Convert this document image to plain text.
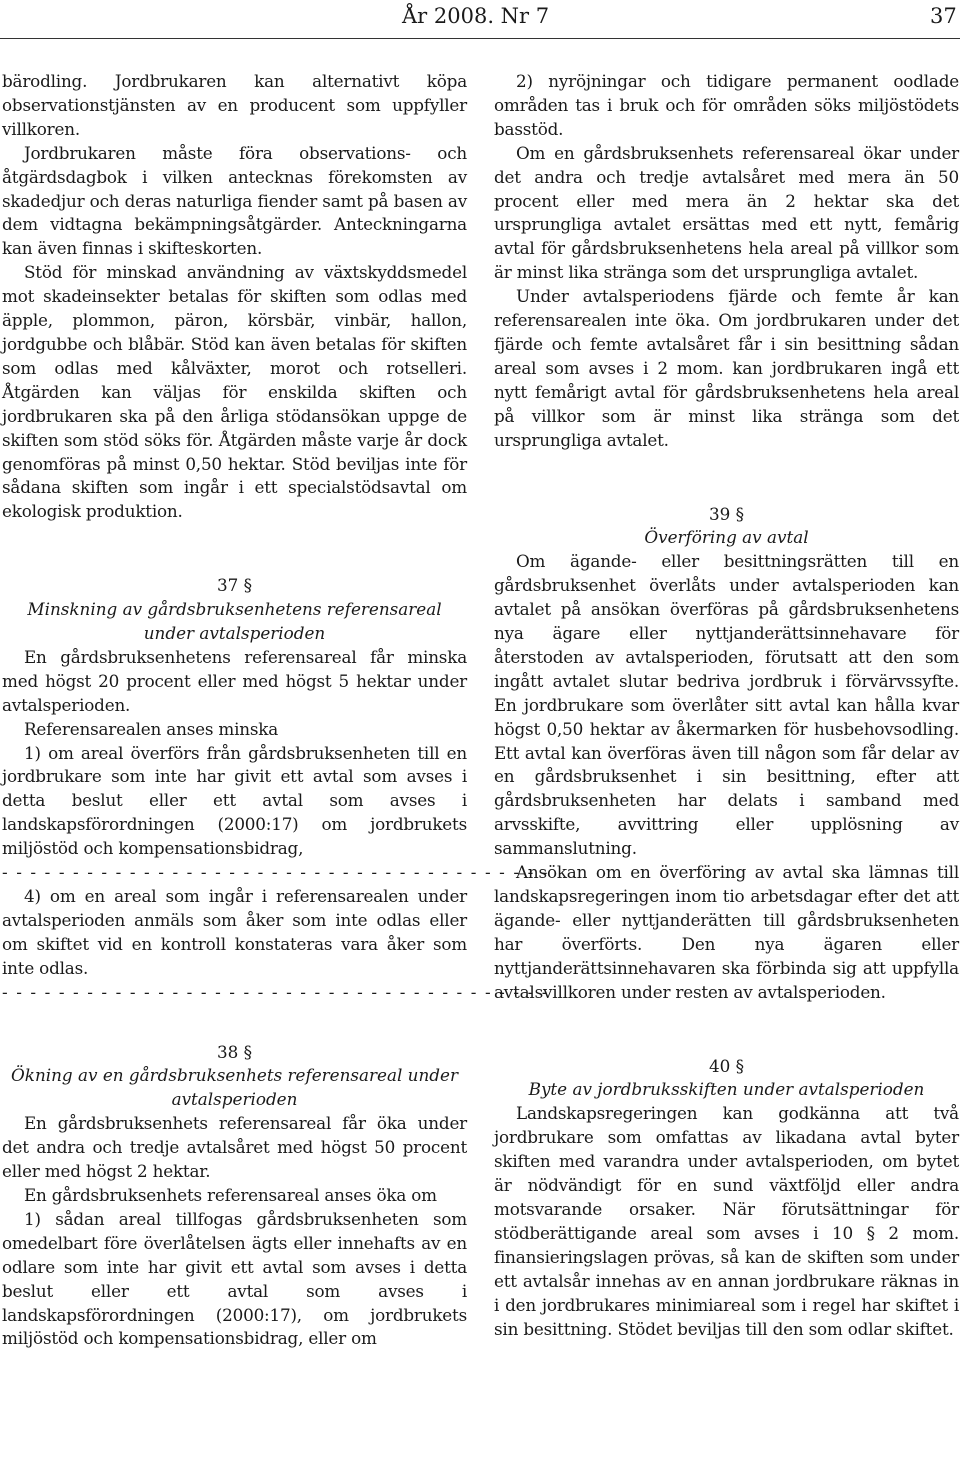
År 2008. Nr 7	37

bärodling. Jordbrukaren kan alternativt köpa observationstjänsten av en producent som uppfyller villkoren.

Jordbrukaren måste föra observations- och åtgärdsdagbok i vilken antecknas förekomsten av skadedjur och deras naturliga fiender samt på basen av dem vidtagna bekämpningsåtgärder. Anteckningarna kan även finnas i skifteskorten.

Stöd för minskad användning av växtskyddsmedel mot skadeinsekter betalas för skiften som odlas med äpple, plommon, päron, körsbär, vinbär, hallon, jordgubbe och blåbär. Stöd kan även betalas för skiften som odlas med kålväxter, morot och rotselleri. Åtgärden kan väljas för enskilda skiften och jordbrukaren ska på den årliga stödansökan uppge de skiften som stöd söks för. Åtgärden måste varje år dock genomföras på minst 0,50 hektar. Stöd beviljas inte för sådana skiften som ingår i ett specialstödsavtal om ekologisk produktion.

37 §

Minskning av gårdsbruksenhetens referensareal under avtalsperioden

En gårdsbruksenhetens referensareal får minska med högst 20 procent eller med högst 5 hektar under avtalsperioden.

Referensarealen anses minska

1) om areal överförs från gårdsbruksenheten till en jordbrukare som inte har givit ett avtal som avses i detta beslut eller ett avtal som avses i landskapsförordningen (2000:17) om jordbrukets miljöstöd och kompensationsbidrag,

- - - - - - - - - - - - - - - - - - - - - - - - - - - - - - - - - - - - - - -

4) om en areal som ingår i referensarealen under avtalsperioden anmäls som åker som inte odlas eller om skiftet vid en kontroll konstateras vara åker som inte odlas.

- - - - - - - - - - - - - - - - - - - - - - - - - - - - - - - - - - - - - - -

38 §

Ökning av en gårdsbruksenhets referensareal under avtalsperioden

En gårdsbruksenhets referensareal får öka under det andra och tredje avtalsåret med högst 50 procent eller med högst 2 hektar.

En gårdsbruksenhets referensareal anses öka om

1) sådan areal tillfogas gårdsbruksenheten som omedelbart före överlåtelsen ägts eller innehafts av en odlare som inte har givit ett avtal som avses i detta beslut eller ett avtal som avses i landskapsförordningen (2000:17), om jordbrukets miljöstöd och kompensationsbidrag, eller om

2) nyröjningar och tidigare permanent oodlade områden tas i bruk och för områden söks miljöstödets basstöd.

Om en gårdsbruksenhets referensareal ökar under det andra och tredje avtalsåret med mera än 50 procent eller med mera än 2 hektar ska det ursprungliga avtalet ersättas med ett nytt, femårig avtal för gårdsbruksenhetens hela areal på villkor som är minst lika stränga som det ursprungliga avtalet.

Under avtalsperiodens fjärde och femte år kan referensarealen inte öka. Om jordbrukaren under det fjärde och femte avtalsåret får i sin besittning sådan areal som avses i 2 mom. kan jordbrukaren ingå ett nytt femårigt avtal för gårdsbruksenhetens hela areal på villkor som är minst lika stränga som det ursprungliga avtalet.

39 §

Överföring av avtal

Om ägande- eller besittningsrätten till en gårdsbruksenhet överlåts under avtalsperioden kan avtalet på ansökan överföras på gårdsbruksenhetens nya ägare eller nyttjanderättsinnehavare för återstoden av avtalsperioden, förutsatt att den som ingått avtalet slutar bedriva jordbruk i förvärvssyfte. En jordbrukare som överlåter sitt avtal kan hålla kvar högst 0,50 hektar av åkermarken för husbehovsodling. Ett avtal kan överföras även till någon som får delar av en gårdsbruksenhet i sin besittning, efter att gårdsbruksenheten har delats i samband med arvsskifte, avvittring eller upplösning av sammanslutning.

Ansökan om en överföring av avtal ska lämnas till landskapsregeringen inom tio arbetsdagar efter det att ägande- eller nyttjanderätten till gårdsbruksenheten har överförts. Den nya ägaren eller nyttjanderättsinnehavaren ska förbinda sig att uppfylla avtalsvillkoren under resten av avtalsperioden.

40 §

Byte av jordbruksskiften under avtalsperioden

Landskapsregeringen kan godkänna att två jordbrukare som omfattas av likadana avtal byter skiften med varandra under avtalsperioden, om bytet är nödvändigt för en sund växtföljd eller andra motsvarande orsaker. När förutsättningar för stödberättigande areal som avses i 10 § 2 mom. finansieringslagen prövas, så kan de skiften som under ett avtalsår innehas av en annan jordbrukare räknas in i den jordbrukares minimiareal som i regel har skiftet i sin besittning. Stödet beviljas till den som odlar skiftet.
